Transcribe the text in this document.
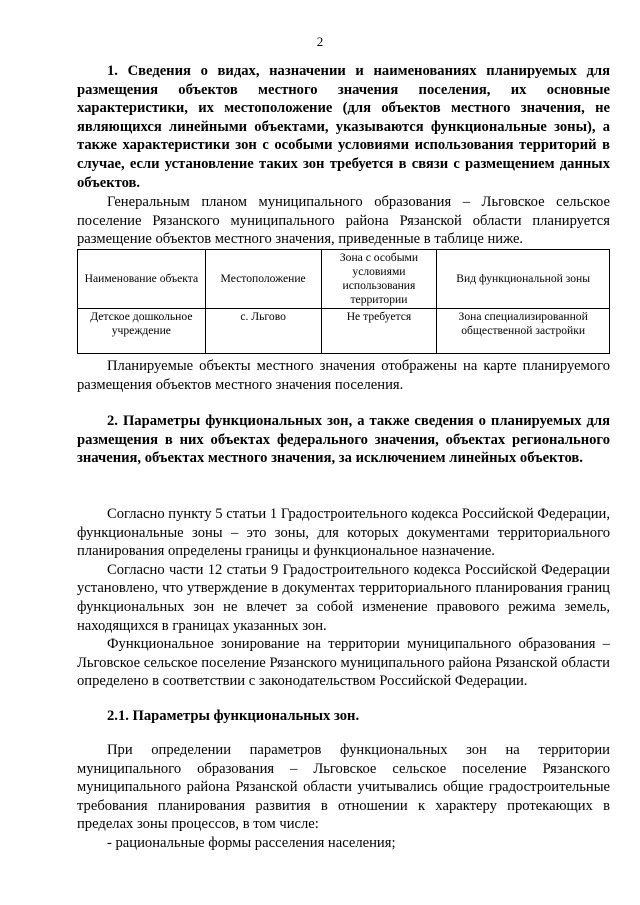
2

1. Сведения о видах, назначении и наименованиях планируемых для размещения объектов местного значения поселения, их основные характеристики, их местоположение (для объектов местного значения, не являющихся линейными объектами, указываются функциональные зоны), а также характеристики зон с особыми условиями использования территорий в случае, если установление таких зон требуется в связи с размещением данных объектов.

Генеральным планом муниципального образования – Льговское сельское поселение Рязанского муниципального района Рязанской области планируется размещение объектов местного значения, приведенные в таблице ниже.

Наименование объекта	Местоположение	Зона с особыми условиями использования территории	Вид функциональной зоны
Детское дошкольное учреждение	с. Льгово	Не требуется	Зона специализированной общественной застройки

Планируемые объекты местного значения отображены на карте планируемого размещения объектов местного значения поселения.

2. Параметры функциональных зон, а также сведения о планируемых для размещения в них объектах федерального значения, объектах регионального значения, объектах местного значения, за исключением линейных объектов.

Согласно пункту 5 статьи 1 Градостроительного кодекса Российской Федерации, функциональные зоны – это зоны, для которых документами территориального планирования определены границы и функциональное назначение.

Согласно части 12 статьи 9 Градостроительного кодекса Российской Федерации установлено, что утверждение в документах территориального планирования границ функциональных зон не влечет за собой изменение правового режима земель, находящихся в границах указанных зон.

Функциональное зонирование на территории муниципального образования – Льговское сельское поселение Рязанского муниципального района Рязанской области определено в соответствии с законодательством Российской Федерации.

2.1. Параметры функциональных зон.

При определении параметров функциональных зон на территории муниципального образования – Льговское сельское поселение Рязанского муниципального района Рязанской области учитывались общие градостроительные требования планирования развития в отношении к характеру протекающих в пределах зоны процессов, в том числе:

- рациональные формы расселения населения;
